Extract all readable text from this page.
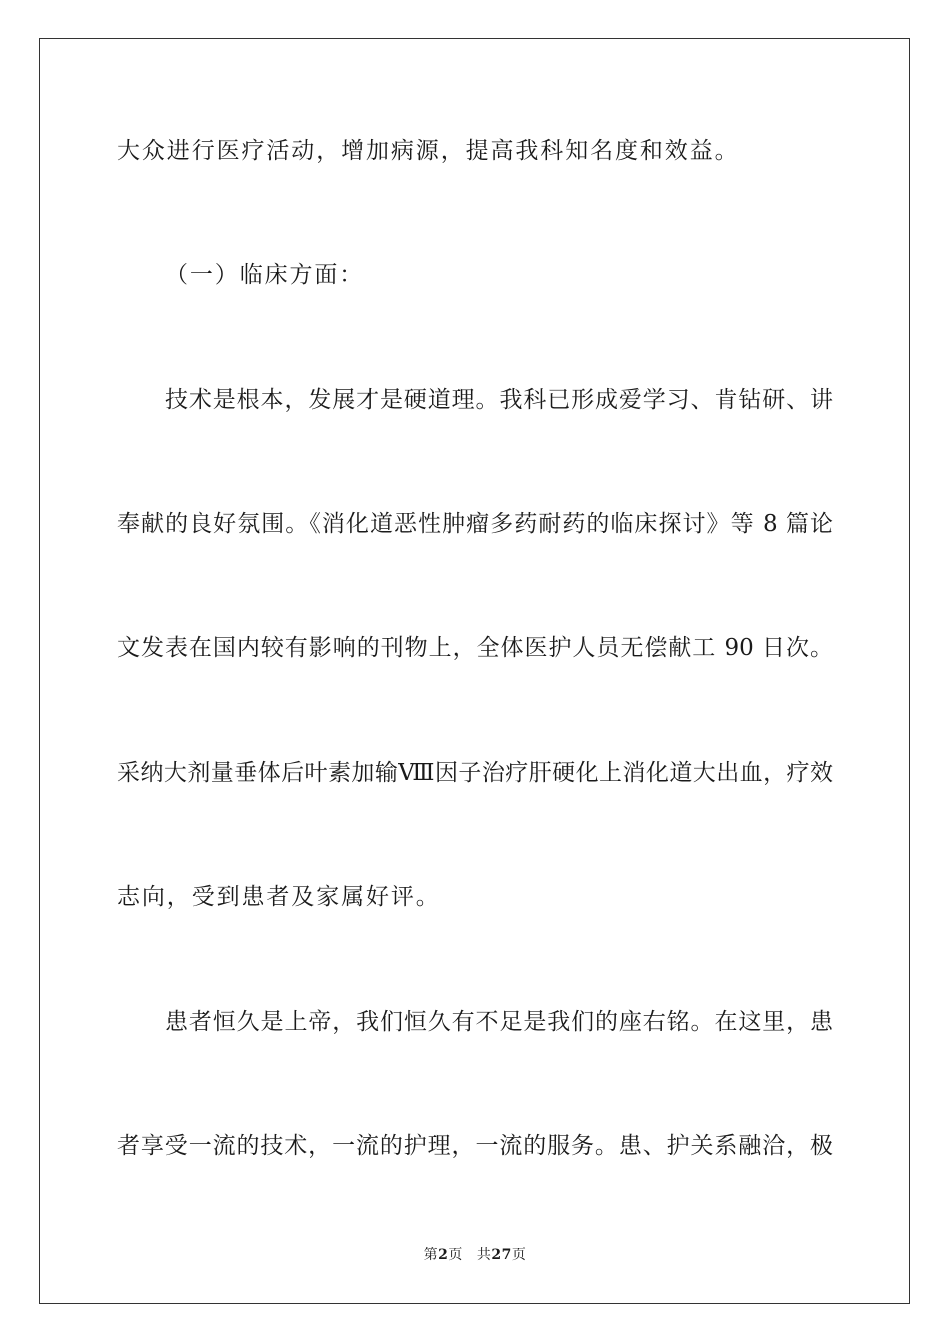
大众进行医疗活动，增加病源，提高我科知名度和效益。
（一）临床方面：
技术是根本，发展才是硬道理。我科已形成爱学习、肯钻研、讲
奉献的良好氛围。《消化道恶性肿瘤多药耐药的临床探讨》等 8 篇论
文发表在国内较有影响的刊物上，全体医护人员无偿献工 90 日次。
采纳大剂量垂体后叶素加输Ⅷ因子治疗肝硬化上消化道大出血，疗效
志向，受到患者及家属好评。
患者恒久是上帝，我们恒久有不足是我们的座右铭。在这里，患
者享受一流的技术，一流的护理，一流的服务。患、护关系融洽，极
第2页 共27页
